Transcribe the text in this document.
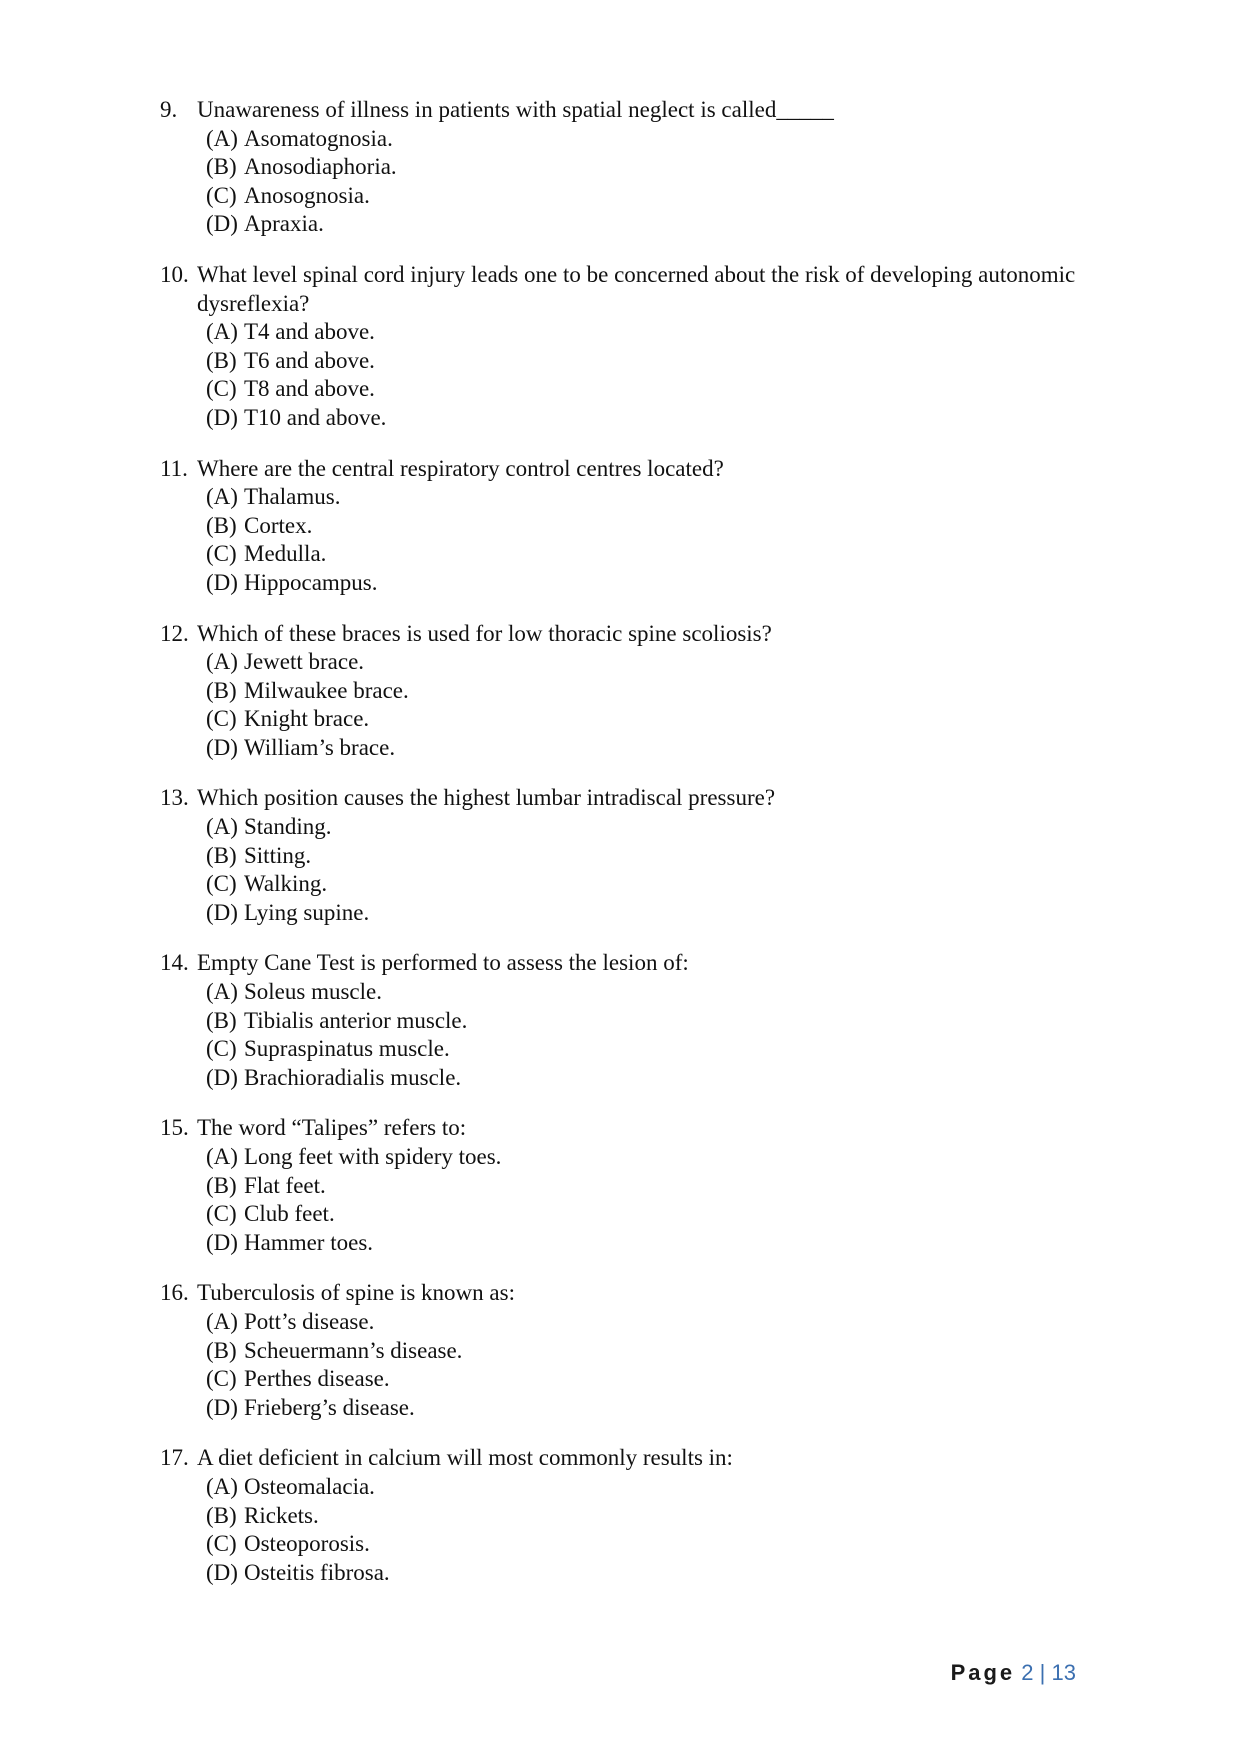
9. Unawareness of illness in patients with spatial neglect is called_____
(A) Asomatognosia.
(B) Anosodiaphoria.
(C) Anosognosia.
(D) Apraxia.
10. What level spinal cord injury leads one to be concerned about the risk of developing autonomic dysreflexia?
(A) T4 and above.
(B) T6 and above.
(C) T8 and above.
(D) T10 and above.
11. Where are the central respiratory control centres located?
(A) Thalamus.
(B) Cortex.
(C) Medulla.
(D) Hippocampus.
12. Which of these braces is used for low thoracic spine scoliosis?
(A) Jewett brace.
(B) Milwaukee brace.
(C) Knight brace.
(D) William’s brace.
13. Which position causes the highest lumbar intradiscal pressure?
(A) Standing.
(B) Sitting.
(C) Walking.
(D) Lying supine.
14. Empty Cane Test is performed to assess the lesion of:
(A) Soleus muscle.
(B) Tibialis anterior muscle.
(C) Supraspinatus muscle.
(D) Brachioradialis muscle.
15. The word “Talipes” refers to:
(A) Long feet with spidery toes.
(B) Flat feet.
(C) Club feet.
(D) Hammer toes.
16. Tuberculosis of spine is known as:
(A) Pott’s disease.
(B) Scheuermann’s disease.
(C) Perthes disease.
(D) Frieberg’s disease.
17. A diet deficient in calcium will most commonly results in:
(A) Osteomalacia.
(B) Rickets.
(C) Osteoporosis.
(D) Osteitis fibrosa.
Page 2 | 13
